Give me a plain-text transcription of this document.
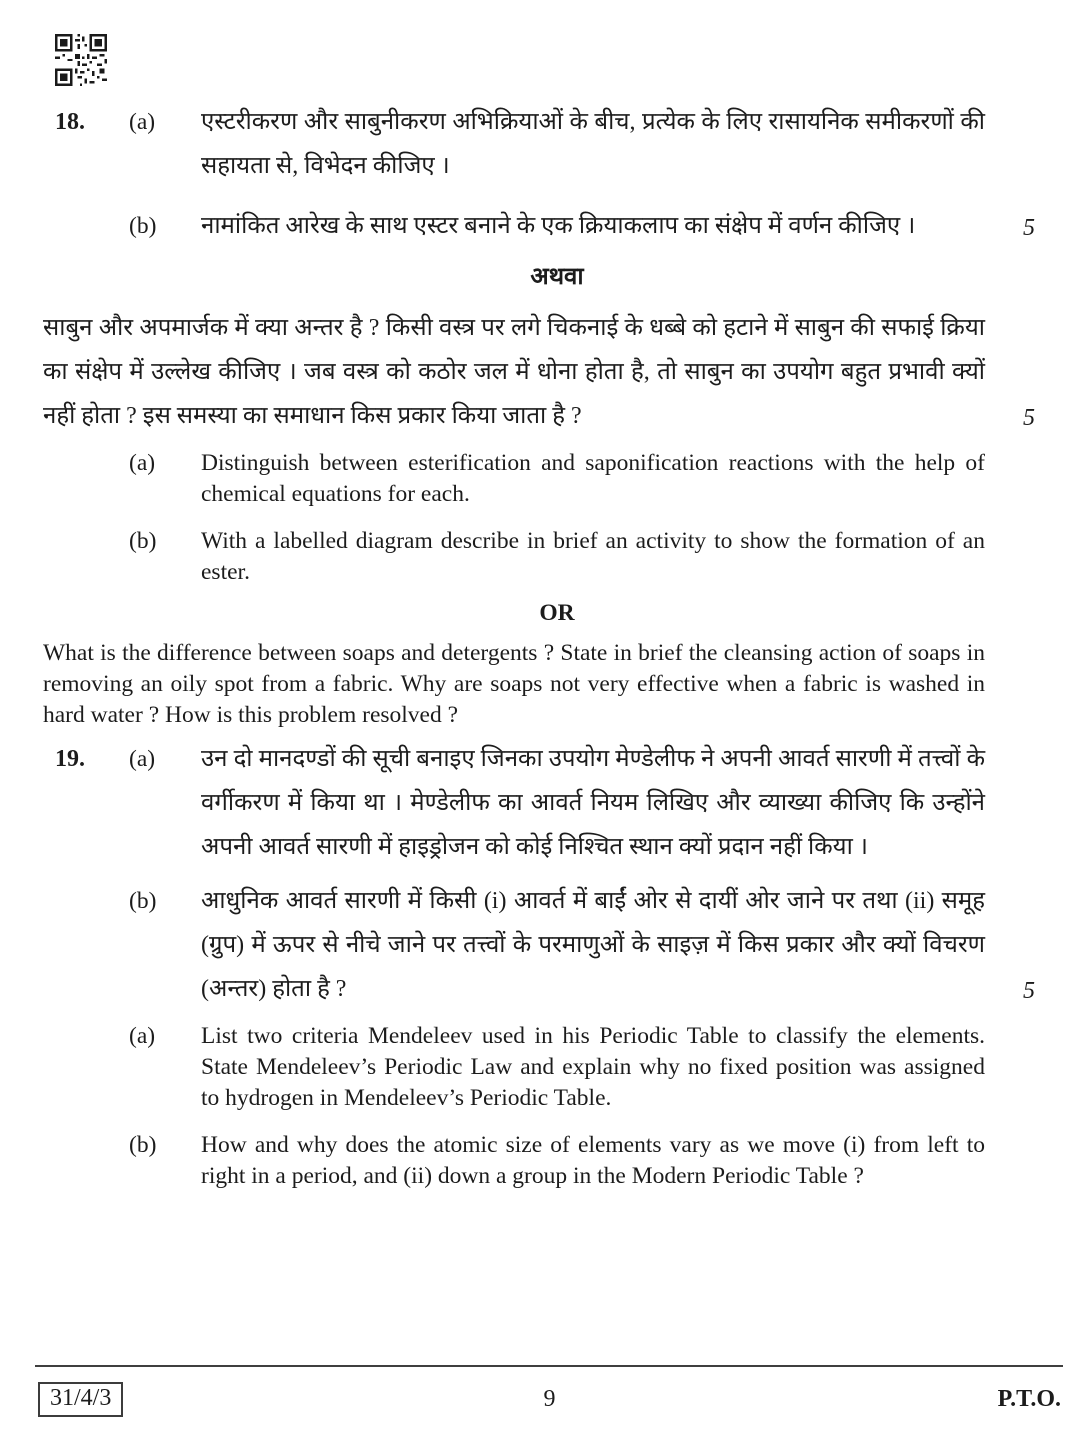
18.	(a)	एस्टरीकरण और साबुनीकरण अभिक्रियाओं के बीच, प्रत्येक के लिए रासायनिक समीकरणों की सहायता से, विभेदन कीजिए ।
(b)	नामांकित आरेख के साथ एस्टर बनाने के एक क्रियाकलाप का संक्षेप में वर्णन कीजिए ।	5
अथवा
साबुन और अपमार्जक में क्या अन्तर है ? किसी वस्त्र पर लगे चिकनाई के धब्बे को हटाने में साबुन की सफाई क्रिया का संक्षेप में उल्लेख कीजिए । जब वस्त्र को कठोर जल में धोना होता है, तो साबुन का उपयोग बहुत प्रभावी क्यों नहीं होता ? इस समस्या का समाधान किस प्रकार किया जाता है ?	5
(a)	Distinguish between esterification and saponification reactions with the help of chemical equations for each.
(b)	With a labelled diagram describe in brief an activity to show the formation of an ester.
OR
What is the difference between soaps and detergents ? State in brief the cleansing action of soaps in removing an oily spot from a fabric. Why are soaps not very effective when a fabric is washed in hard water ? How is this problem resolved ?
19.	(a)	उन दो मानदण्डों की सूची बनाइए जिनका उपयोग मेण्डेलीफ ने अपनी आवर्त सारणी में तत्त्वों के वर्गीकरण में किया था । मेण्डेलीफ का आवर्त नियम लिखिए और व्याख्या कीजिए कि उन्होंने अपनी आवर्त सारणी में हाइड्रोजन को कोई निश्चित स्थान क्यों प्रदान नहीं किया ।
(b)	आधुनिक आवर्त सारणी में किसी (i) आवर्त में बाईं ओर से दायीं ओर जाने पर तथा (ii) समूह (ग्रुप) में ऊपर से नीचे जाने पर तत्त्वों के परमाणुओं के साइज़ में किस प्रकार और क्यों विचरण (अन्तर) होता है ?	5
(a)	List two criteria Mendeleev used in his Periodic Table to classify the elements. State Mendeleev’s Periodic Law and explain why no fixed position was assigned to hydrogen in Mendeleev’s Periodic Table.
(b)	How and why does the atomic size of elements vary as we move (i) from left to right in a period, and (ii) down a group in the Modern Periodic Table ?
31/4/3	9	P.T.O.
